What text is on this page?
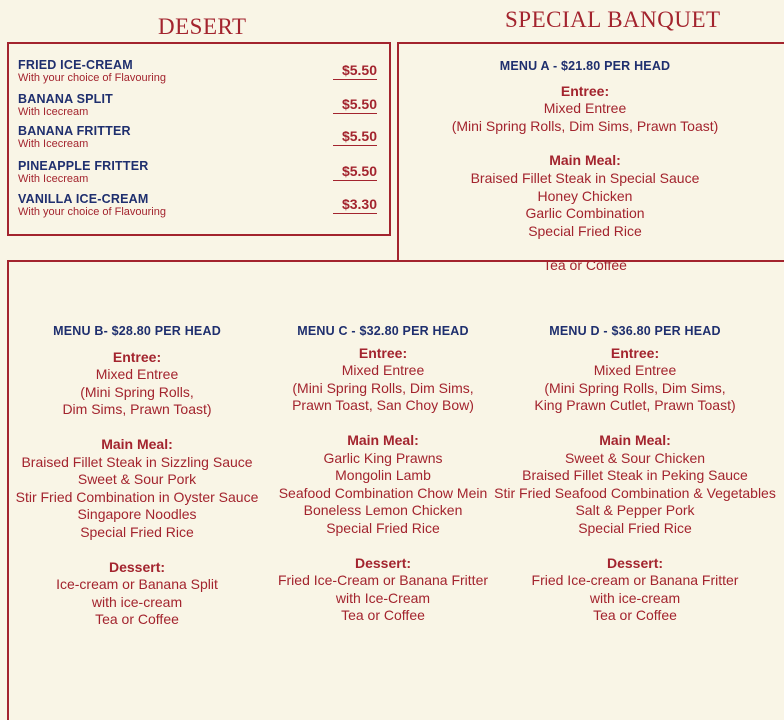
DESERT	SPECIAL BANQUET
FRIED ICE-CREAM
With your choice of Flavouring	$5.50
BANANA SPLIT
With Icecream	$5.50
BANANA FRITTER
With Icecream	$5.50
PINEAPPLE FRITTER
With Icecream	$5.50
VANILLA ICE-CREAM
With your choice of Flavouring	$3.30
MENU A - $21.80 PER HEAD
Entree:
Mixed Entree
(Mini Spring Rolls, Dim Sims, Prawn Toast)
Main Meal:
Braised Fillet Steak in Special Sauce
Honey Chicken
Garlic Combination
Special Fried Rice
Tea or Coffee
MENU B- $28.80 PER HEAD
Entree:
Mixed Entree
(Mini Spring Rolls,
Dim Sims, Prawn Toast)
Main Meal:
Braised Fillet Steak in Sizzling Sauce
Sweet & Sour Pork
Stir Fried Combination in Oyster Sauce
Singapore Noodles
Special Fried Rice
Dessert:
Ice-cream or Banana Split
with ice-cream
Tea or Coffee
MENU C - $32.80 PER HEAD
Entree:
Mixed Entree
(Mini Spring Rolls, Dim Sims,
Prawn Toast, San Choy Bow)
Main Meal:
Garlic King Prawns
Mongolin Lamb
Seafood Combination Chow Mein
Boneless Lemon Chicken
Special Fried Rice
Dessert:
Fried Ice-Cream or Banana Fritter
with Ice-Cream
Tea or Coffee
MENU D - $36.80 PER HEAD
Entree:
Mixed Entree
(Mini Spring Rolls, Dim Sims,
King Prawn Cutlet, Prawn Toast)
Main Meal:
Sweet & Sour Chicken
Braised Fillet Steak in Peking Sauce
Stir Fried Seafood Combination & Vegetables
Salt & Pepper Pork
Special Fried Rice
Dessert:
Fried Ice-cream or Banana Fritter
with ice-cream
Tea or Coffee
